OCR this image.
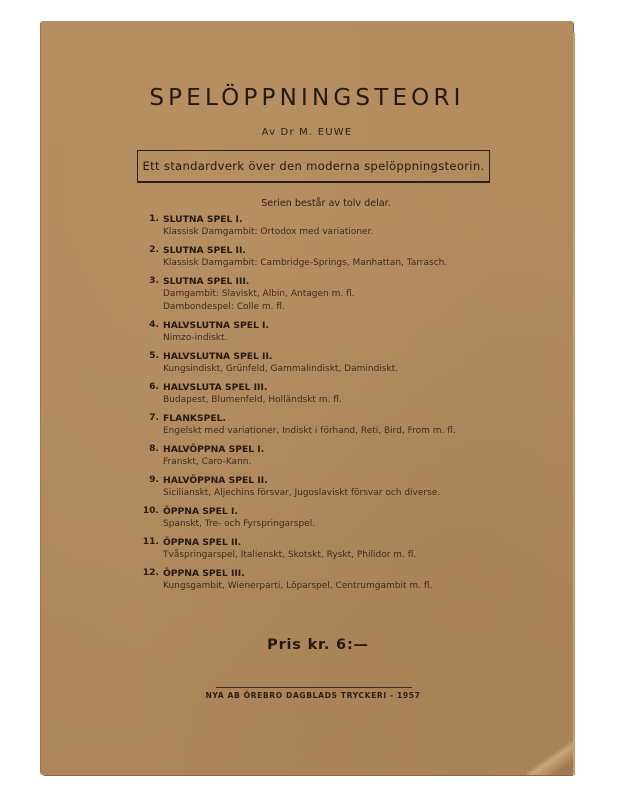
SPELÖPPNINGSTEORI
Av Dr M. EUWE
Ett standardverk över den moderna spelöppningsteorin.
Serien består av tolv delar.
1. SLUTNA SPEL I.
Klassisk Damgambit: Ortodox med variationer.
2. SLUTNA SPEL II.
Klassisk Damgambit: Cambridge-Springs, Manhattan, Tarrasch.
3. SLUTNA SPEL III.
Damgambit: Slaviskt, Albin, Antagen m. fl.
Dambondespel: Colle m. fl.
4. HALVSLUTNA SPEL I.
Nimzo-indiskt.
5. HALVSLUTNA SPEL II.
Kungsindiskt, Grünfeld, Gammalindiskt, Damindiskt.
6. HALVSLUTA SPEL III.
Budapest, Blumenfeld, Holländskt m. fl.
7. FLANKSPEL.
Engelskt med variationer, Indiskt i förhand, Reti, Bird, From m. fl.
8. HALVÖPPNA SPEL I.
Franskt, Caro-Kann.
9. HALVÖPPNA SPEL II.
Sicilianskt, Aljechins försvar, Jugoslaviskt försvar och diverse.
10. ÖPPNA SPEL I.
Spanskt, Tre- och Fyrspringarspel.
11. ÖPPNA SPEL II.
Tvåspringarspel, Italienskt, Skotskt, Ryskt, Philidor m. fl.
12. ÖPPNA SPEL III.
Kungsgambit, Wienerparti, Löparspel, Centrumgambit m. fl.
Pris kr. 6:—
NYA AB ÖREBRO DAGBLADS TRYCKERI - 1957
